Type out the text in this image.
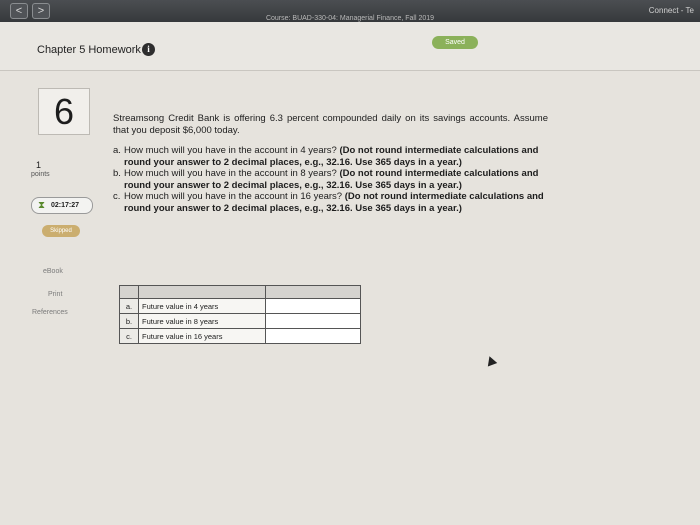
<	>
Course: BUAD-330-04: Managerial Finance, Fall 2019
Connect - Te
Chapter 5 Homework i
Saved
6
1
points
⧗ 02:17:27
Skipped
eBook
Print
References
Streamsong Credit Bank is offering 6.3 percent compounded daily on its savings accounts. Assume that you deposit $6,000 today.
a. How much will you have in the account in 4 years? (Do not round intermediate calculations and round your answer to 2 decimal places, e.g., 32.16. Use 365 days in a year.)
b. How much will you have in the account in 8 years? (Do not round intermediate calculations and round your answer to 2 decimal places, e.g., 32.16. Use 365 days in a year.)
c. How much will you have in the account in 16 years? (Do not round intermediate calculations and round your answer to 2 decimal places, e.g., 32.16. Use 365 days in a year.)

a.	Future value in 4 years	
b.	Future value in 8 years	
c.	Future value in 16 years	
